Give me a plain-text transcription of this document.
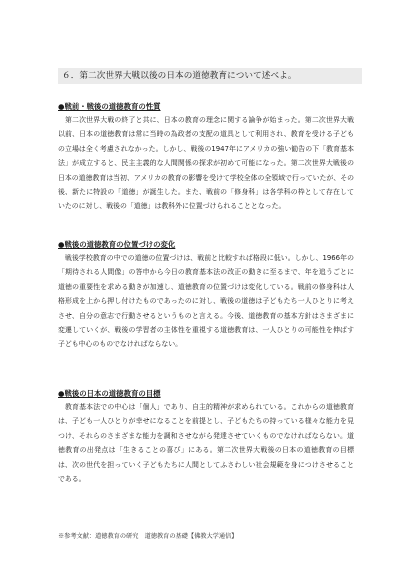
６．第二次世界大戦以後の日本の道徳教育について述べよ。
●戦前・戦後の道徳教育の性質

第二次世界大戦の終了と共に、日本の教育の理念に関する論争が始まった。第二次世界大戦以前、日本の道徳教育は常に当時の為政者の支配の道具として利用され、教育を受ける子どもの立場は全く考慮されなかった。しかし、戦後の1947年にアメリカの強い勧告の下「教育基本法」が成立すると、民主主義的な人間関係の探求が初めて可能になった。第二次世界大戦後の日本の道徳教育は当初、アメリカの教育の影響を受けて学校全体の全領域で行っていたが、その後、新たに特設の「道徳」が誕生した。また、戦前の「修身科」は各学科の枠として存在していたのに対し、戦後の「道徳」は教科外に位置づけられることとなった。

●戦後の道徳教育の位置づけの変化

戦後学校教育の中での道徳の位置づけは、戦前と比較すれば格段に低い。しかし、1966年の「期待される人間像」の答申から今日の教育基本法の改正の動きに至るまで、年を追うごとに道徳の重要性を求める動きが加速し、道徳教育の位置づけは変化している。戦前の修身科は人格形成を上から押し付けたものであったのに対し、戦後の道徳は子どもたち一人ひとりに考えさせ、自分の意志で行動させるというものと言える。今後、道徳教育の基本方針はさまざまに変遷していくが、戦後の学習者の主体性を重視する道徳教育は、一人ひとりの可能性を伸ばす子ども中心のものでなければならない。

●戦後の日本の道徳教育の目標

教育基本法での中心は「個人」であり、自主的精神が求められている。これからの道徳教育は、子ども一人ひとりが幸せになることを前提とし、子どもたちの持っている様々な能力を見つけ、それらのさまざまな能力を調和させながら発達させていくものでなければならない。道徳教育の出発点は「生きることの喜び」にある。第二次世界大戦後の日本の道徳教育の目標は、次の世代を担っていく子どもたちに人間としてふさわしい社会規範を身につけさせることである。

※参考文献：道徳教育の研究　道徳教育の基礎【佛教大学通信】
